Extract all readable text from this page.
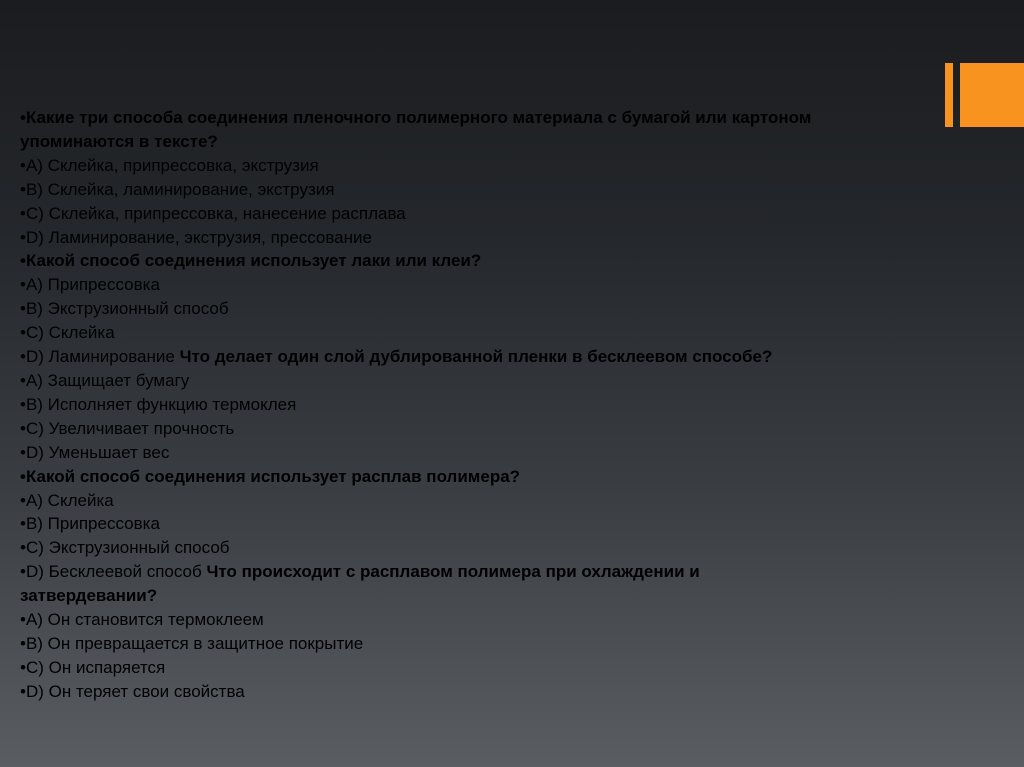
•Какие три способа соединения пленочного полимерного материала с бумагой или картоном
упоминаются в тексте?
•A) Склейка, припрессовка, экструзия
•B) Склейка, ламинирование, экструзия
•C) Склейка, припрессовка, нанесение расплава
•D) Ламинирование, экструзия, прессование
•Какой способ соединения использует лаки или клеи?
•A) Припрессовка
•B) Экструзионный способ
•C) Склейка
•D) Ламинирование Что делает один слой дублированной пленки в бесклеевом способе?
•A) Защищает бумагу
•B) Исполняет функцию термоклея
•C) Увеличивает прочность
•D) Уменьшает вес
•Какой способ соединения использует расплав полимера?
•A) Склейка
•B) Припрессовка
•C) Экструзионный способ
•D) Бесклеевой способ Что происходит с расплавом полимера при охлаждении и
затвердевании?
•A) Он становится термоклеем
•B) Он превращается в защитное покрытие
•C) Он испаряется
•D) Он теряет свои свойства
